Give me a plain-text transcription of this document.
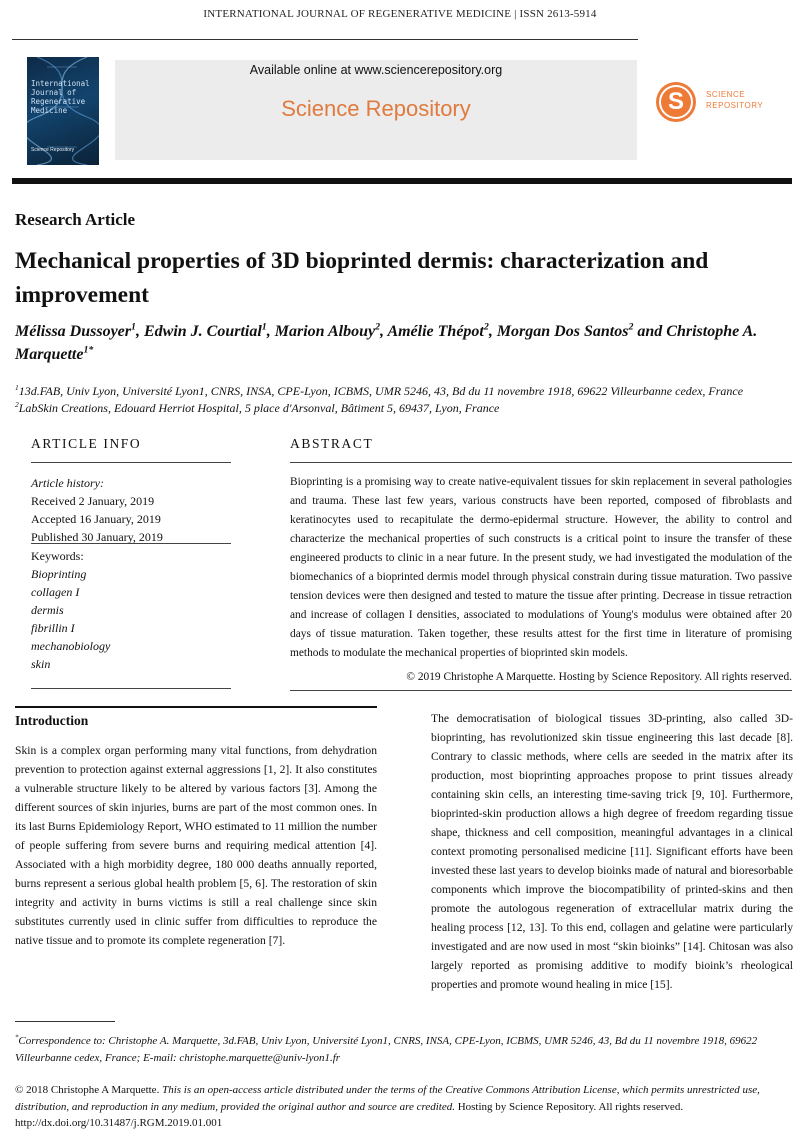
INTERNATIONAL JOURNAL OF REGENERATIVE MEDICINE | ISSN 2613-5914
International Journal of Regenerative Medicine
Science Repository
Available online at www.sciencerepository.org
Science Repository	S	SCIENCE
REPOSITORY
Research Article
Mechanical properties of 3D bioprinted dermis: characterization and improvement
Mélissa Dussoyer$^1$, Edwin J. Courtial$^1$, Marion Albouy$^2$, Amélie Thépot$^2$, Morgan Dos Santos$^2$ and Christophe A. Marquette$^{1*}$
$^1$13d.FAB, Univ Lyon, Université Lyon1, CNRS, INSA, CPE-Lyon, ICBMS, UMR 5246, 43, Bd du 11 novembre 1918, 69622 Villeurbanne cedex, France
$^2$LabSkin Creations, Edouard Herriot Hospital, 5 place d'Arsonval, Bâtiment 5, 69437, Lyon, France
ARTICLE INFO
Article history:
Received 2 January, 2019
Accepted 16 January, 2019
Published 30 January, 2019
Keywords:
Bioprinting
collagen I
dermis
fibrillin I
mechanobiology
skin
ABSTRACT
Bioprinting is a promising way to create native-equivalent tissues for skin replacement in several pathologies and trauma. These last few years, various constructs have been reported, composed of fibroblasts and keratinocytes used to recapitulate the dermo-epidermal structure. However, the ability to control and characterize the mechanical properties of such constructs is a critical point to insure the transfer of these engineered products to clinic in a near future. In the present study, we had investigated the modulation of the biomechanics of a bioprinted dermis model through physical constrain during tissue maturation. Two passive tension devices were then designed and tested to mature the tissue after printing. Decrease in tissue retraction and increase of collagen I densities, associated to modulations of Young's modulus were obtained after 20 days of tissue maturation. Taken together, these results attest for the first time in literature of promising methods to modulate the mechanical properties of bioprinted skin models.
© 2019 Christophe A Marquette. Hosting by Science Repository. All rights reserved.
Introduction
Skin is a complex organ performing many vital functions, from dehydration prevention to protection against external aggressions [1, 2]. It also constitutes a vulnerable structure likely to be altered by various factors [3]. Among the different sources of skin injuries, burns are part of the most common ones. In its last Burns Epidemiology Report, WHO estimated to 11 million the number of people suffering from severe burns and requiring medical attention [4]. Associated with a high morbidity degree, 180 000 deaths annually reported, burns represent a serious global health problem [5, 6]. The restoration of skin integrity and activity in burns victims is still a real challenge since skin substitutes currently used in clinic suffer from difficulties to reproduce the native tissue and to promote its complete regeneration [7].
The democratisation of biological tissues 3D-printing, also called 3D-bioprinting, has revolutionized skin tissue engineering this last decade [8]. Contrary to classic methods, where cells are seeded in the matrix after its production, most bioprinting approaches propose to print tissues already containing skin cells, an interesting time-saving trick [9, 10]. Furthermore, bioprinted-skin production allows a high degree of freedom regarding tissue shape, thickness and cell composition, meaningful advantages in a clinical context promoting personalised medicine [11]. Significant efforts have been invested these last years to develop bioinks made of natural and bioresorbable components which improve the biocompatibility of printed-skins and then promote the autologous regeneration of extracellular matrix during the healing process [12, 13]. To this end, collagen and gelatine were particularly investigated and are now used in most “skin bioinks” [14]. Chitosan was also largely reported as promising additive to modify bioink’s rheological properties and promote wound healing in mice [15].
*Correspondence to: Christophe A. Marquette, 3d.FAB, Univ Lyon, Université Lyon1, CNRS, INSA, CPE-Lyon, ICBMS, UMR 5246, 43, Bd du 11 novembre 1918, 69622 Villeurbanne cedex, France; E-mail: christophe.marquette@univ-lyon1.fr
© 2018 Christophe A Marquette. This is an open-access article distributed under the terms of the Creative Commons Attribution License, which permits unrestricted use, distribution, and reproduction in any medium, provided the original author and source are credited. Hosting by Science Repository. All rights reserved.
http://dx.doi.org/10.31487/j.RGM.2019.01.001
